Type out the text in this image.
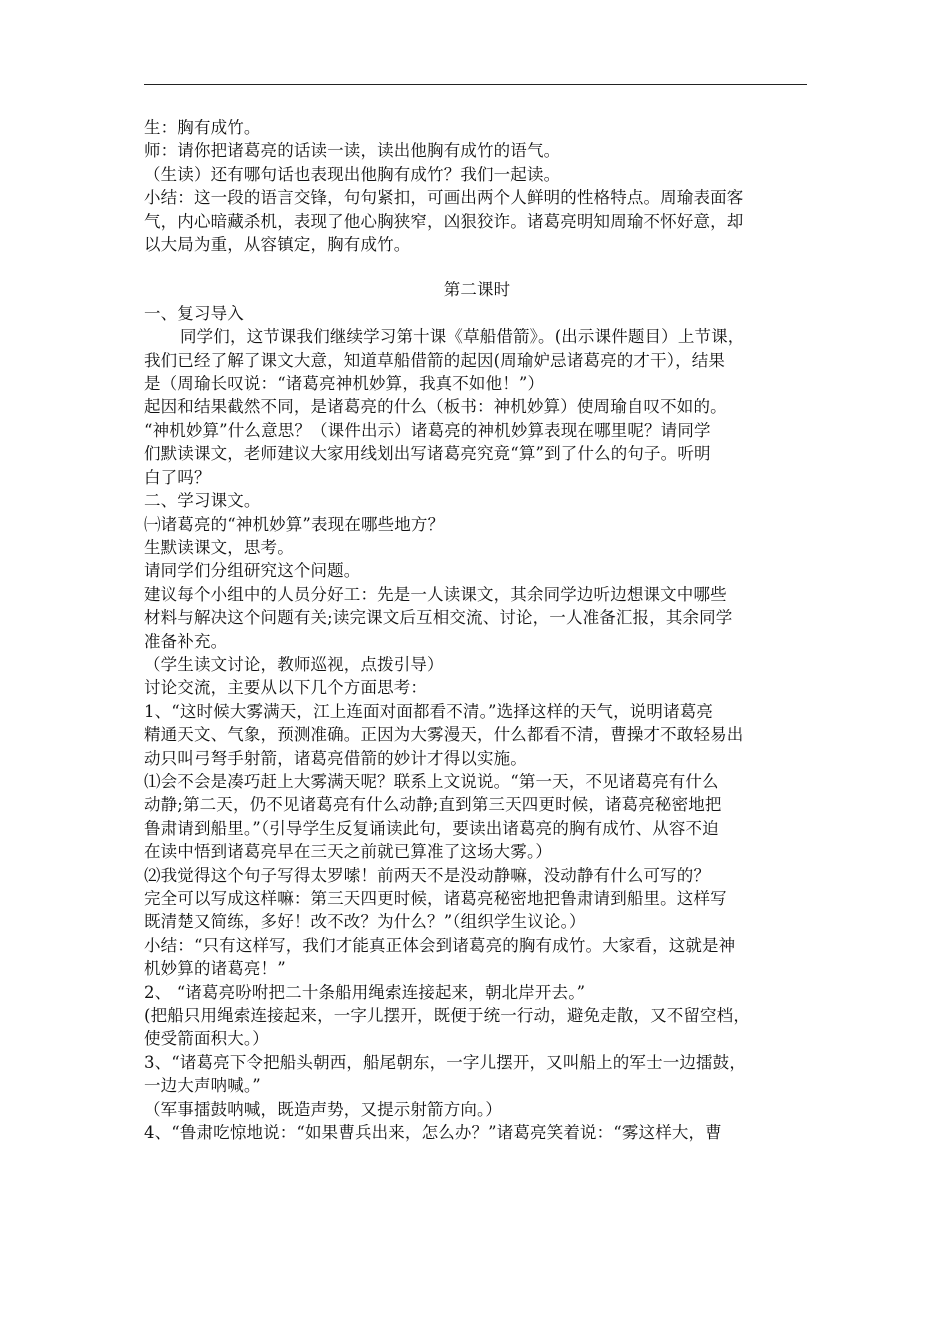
生：胸有成竹。
师：请你把诸葛亮的话读一读，读出他胸有成竹的语气。
（生读）还有哪句话也表现出他胸有成竹？我们一起读。
小结：这一段的语言交锋，句句紧扣，可画出两个人鲜明的性格特点。周瑜表面客
气，内心暗藏杀机，表现了他心胸狭窄，凶狠狡诈。诸葛亮明知周瑜不怀好意，却
以大局为重，从容镇定，胸有成竹。
第二课时
一、复习导入
同学们，这节课我们继续学习第十课《草船借箭》。(出示课件题目）上节课，
我们已经了解了课文大意，知道草船借箭的起因(周瑜妒忌诸葛亮的才干），结果
是（周瑜长叹说：“诸葛亮神机妙算，我真不如他！”）
起因和结果截然不同，是诸葛亮的什么（板书：神机妙算）使周瑜自叹不如的。
“神机妙算”什么意思？（课件出示）诸葛亮的神机妙算表现在哪里呢？请同学
们默读课文，老师建议大家用线划出写诸葛亮究竟“算”到了什么的句子。听明
白了吗？
二、学习课文。
㈠诸葛亮的“神机妙算”表现在哪些地方？
生默读课文，思考。
请同学们分组研究这个问题。
建议每个小组中的人员分好工：先是一人读课文，其余同学边听边想课文中哪些
材料与解决这个问题有关;读完课文后互相交流、讨论，一人准备汇报，其余同学
准备补充。
（学生读文讨论，教师巡视，点拨引导）
讨论交流，主要从以下几个方面思考：
1、“这时候大雾满天，江上连面对面都看不清。”选择这样的天气，说明诸葛亮
精通天文、气象，预测准确。正因为大雾漫天，什么都看不清，曹操才不敢轻易出
动只叫弓弩手射箭，诸葛亮借箭的妙计才得以实施。
⑴会不会是凑巧赶上大雾满天呢？联系上文说说。“第一天，不见诸葛亮有什么
动静;第二天，仍不见诸葛亮有什么动静;直到第三天四更时候，诸葛亮秘密地把
鲁肃请到船里。”（引导学生反复诵读此句，要读出诸葛亮的胸有成竹、从容不迫
在读中悟到诸葛亮早在三天之前就已算准了这场大雾。）
⑵我觉得这个句子写得太罗嗦！前两天不是没动静嘛，没动静有什么可写的？
完全可以写成这样嘛：第三天四更时候，诸葛亮秘密地把鲁肃请到船里。这样写
既清楚又简练，多好！改不改？为什么？”（组织学生议论。）
小结：“只有这样写，我们才能真正体会到诸葛亮的胸有成竹。大家看，这就是神
机妙算的诸葛亮！”
2、 “诸葛亮吩咐把二十条船用绳索连接起来，朝北岸开去。”
(把船只用绳索连接起来，一字儿摆开，既便于统一行动，避免走散，又不留空档，
使受箭面积大。）
3、“诸葛亮下令把船头朝西，船尾朝东，一字儿摆开，又叫船上的军士一边擂鼓，
一边大声呐喊。”
（军事擂鼓呐喊，既造声势，又提示射箭方向。）
4、“鲁肃吃惊地说：“如果曹兵出来，怎么办？”诸葛亮笑着说：“雾这样大，曹
